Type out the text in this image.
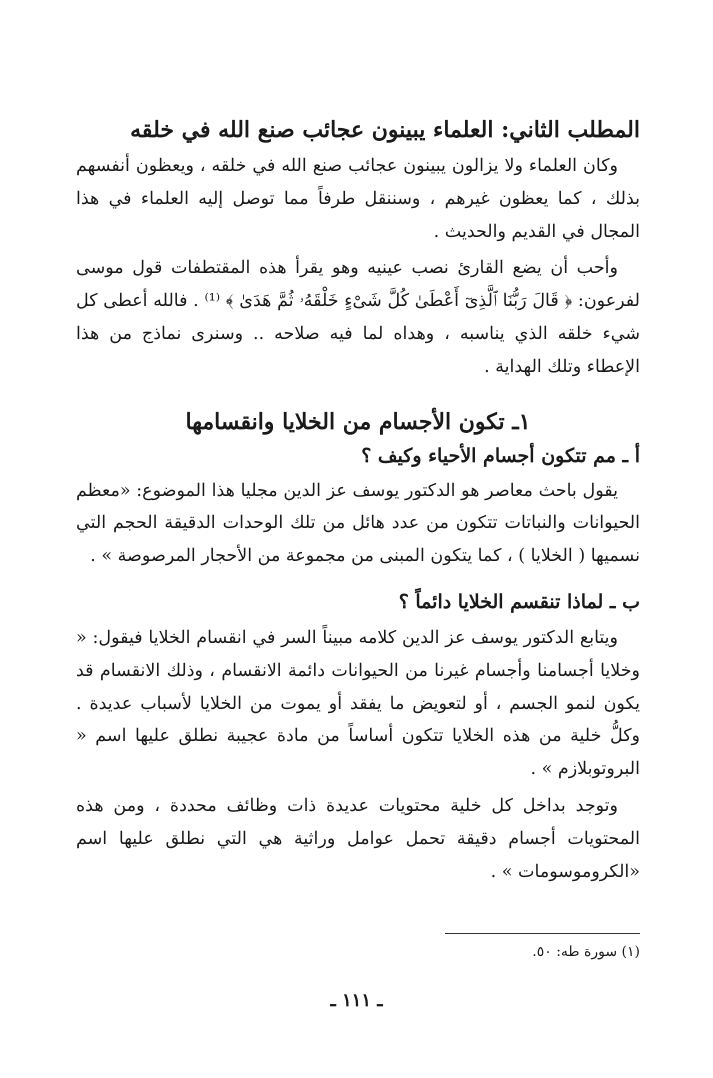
المطلب الثاني: العلماء يبينون عجائب صنع الله في خلقه

وكان العلماء ولا يزالون يبينون عجائب صنع الله في خلقه ، ويعظون أنفسهم بذلك ، كما يعظون غيرهم ، وسننقل طرفاً مما توصل إليه العلماء في هذا المجال في القديم والحديث .

وأحب أن يضع القارئ نصب عينيه وهو يقرأ هذه المقتطفات قول موسى لفرعون: ﴿ قَالَ رَبُّنَا ٱلَّذِىٓ أَعْطَىٰ كُلَّ شَىْءٍ خَلْقَهُۥ ثُمَّ هَدَىٰ ﴾ ⁽¹⁾ . فالله أعطى كل شيء خلقه الذي يناسبه ، وهداه لما فيه صلاحه .. وسنرى نماذج من هذا الإعطاء وتلك الهداية .

١ـ تكون الأجسام من الخلايا وانقسامها
أ ـ مم تتكون أجسام الأحياء وكيف ؟

يقول باحث معاصر هو الدكتور يوسف عز الدين مجليا هذا الموضوع: «معظم الحيوانات والنباتات تتكون من عدد هائل من تلك الوحدات الدقيقة الحجم التي نسميها ( الخلايا ) ، كما يتكون المبنى من مجموعة من الأحجار المرصوصة » .

ب ـ لماذا تنقسم الخلايا دائماً ؟

ويتابع الدكتور يوسف عز الدين كلامه مبيناً السر في انقسام الخلايا فيقول: « وخلايا أجسامنا وأجسام غيرنا من الحيوانات دائمة الانقسام ، وذلك الانقسام قد يكون لنمو الجسم ، أو لتعويض ما يفقد أو يموت من الخلايا لأسباب عديدة . وكلُّ خلية من هذه الخلايا تتكون أساساً من مادة عجيبة نطلق عليها اسم « البروتوبلازم » .

وتوجد بداخل كل خلية محتويات عديدة ذات وظائف محددة ، ومن هذه المحتويات أجسام دقيقة تحمل عوامل وراثية هي التي نطلق عليها اسم «الكروموسومات » .

(١) سورة طه: ٥٠.
ـ ١١١ ـ
